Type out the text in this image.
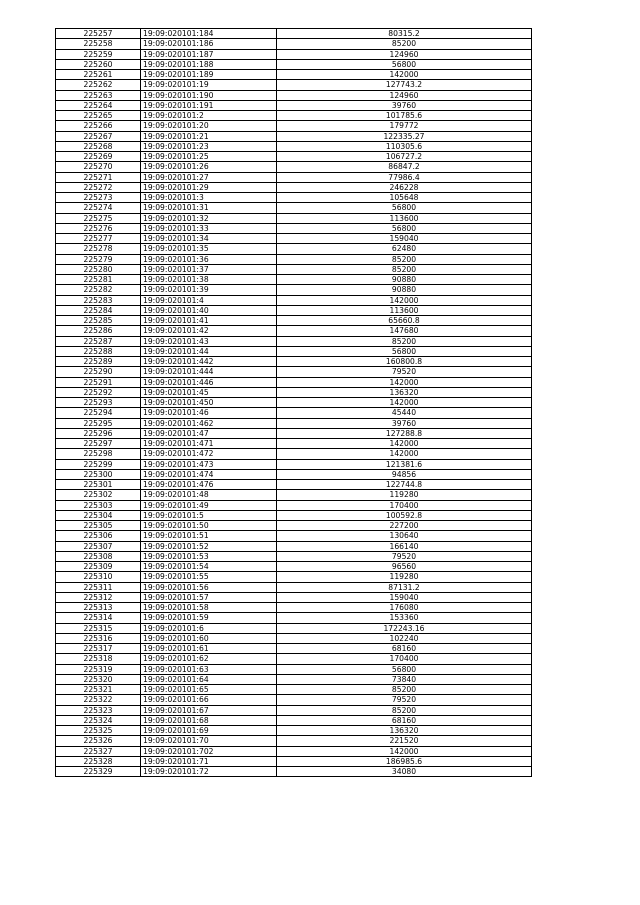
225257	19:09:020101:184	80315.2
225258	19:09:020101:186	85200
225259	19:09:020101:187	124960
225260	19:09:020101:188	56800
225261	19:09:020101:189	142000
225262	19:09:020101:19	127743.2
225263	19:09:020101:190	124960
225264	19:09:020101:191	39760
225265	19:09:020101:2	101785.6
225266	19:09:020101:20	179772
225267	19:09:020101:21	122335.27
225268	19:09:020101:23	110305.6
225269	19:09:020101:25	106727.2
225270	19:09:020101:26	86847.2
225271	19:09:020101:27	77986.4
225272	19:09:020101:29	246228
225273	19:09:020101:3	105648
225274	19:09:020101:31	56800
225275	19:09:020101:32	113600
225276	19:09:020101:33	56800
225277	19:09:020101:34	159040
225278	19:09:020101:35	62480
225279	19:09:020101:36	85200
225280	19:09:020101:37	85200
225281	19:09:020101:38	90880
225282	19:09:020101:39	90880
225283	19:09:020101:4	142000
225284	19:09:020101:40	113600
225285	19:09:020101:41	65660.8
225286	19:09:020101:42	147680
225287	19:09:020101:43	85200
225288	19:09:020101:44	56800
225289	19:09:020101:442	160800.8
225290	19:09:020101:444	79520
225291	19:09:020101:446	142000
225292	19:09:020101:45	136320
225293	19:09:020101:450	142000
225294	19:09:020101:46	45440
225295	19:09:020101:462	39760
225296	19:09:020101:47	127288.8
225297	19:09:020101:471	142000
225298	19:09:020101:472	142000
225299	19:09:020101:473	121381.6
225300	19:09:020101:474	94856
225301	19:09:020101:476	122744.8
225302	19:09:020101:48	119280
225303	19:09:020101:49	170400
225304	19:09:020101:5	100592.8
225305	19:09:020101:50	227200
225306	19:09:020101:51	130640
225307	19:09:020101:52	166140
225308	19:09:020101:53	79520
225309	19:09:020101:54	96560
225310	19:09:020101:55	119280
225311	19:09:020101:56	87131.2
225312	19:09:020101:57	159040
225313	19:09:020101:58	176080
225314	19:09:020101:59	153360
225315	19:09:020101:6	172243.16
225316	19:09:020101:60	102240
225317	19:09:020101:61	68160
225318	19:09:020101:62	170400
225319	19:09:020101:63	56800
225320	19:09:020101:64	73840
225321	19:09:020101:65	85200
225322	19:09:020101:66	79520
225323	19:09:020101:67	85200
225324	19:09:020101:68	68160
225325	19:09:020101:69	136320
225326	19:09:020101:70	221520
225327	19:09:020101:702	142000
225328	19:09:020101:71	186985.6
225329	19:09:020101:72	34080
